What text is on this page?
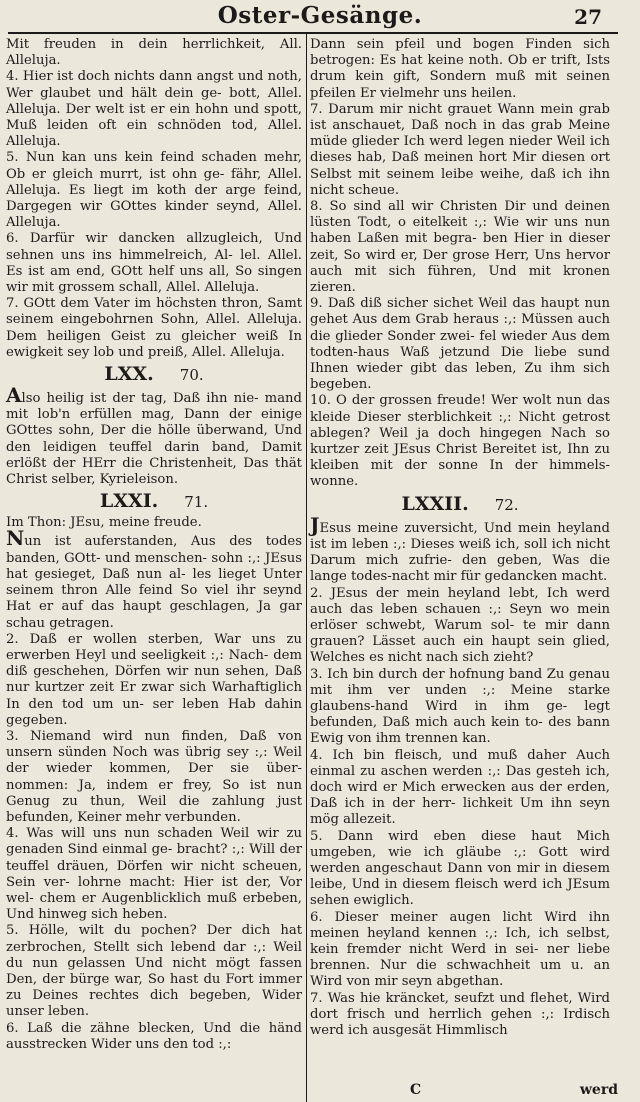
Oster-Gesänge.	27

Mit freuden in dein herrlichkeit, All. Alleluja.

4. Hier ist doch nichts dann angst und noth, Wer glaubet und hält dein ge- bott, Allel. Alleluja. Der welt ist er ein hohn und spott, Muß leiden oft ein schnöden tod, Allel. Alleluja.

5. Nun kan uns kein feind schaden mehr, Ob er gleich murrt, ist ohn ge- fähr, Allel. Alleluja. Es liegt im koth der arge feind, Dargegen wir GOttes kinder seynd, Allel. Alleluja.

6. Darfür wir dancken allzugleich, Und sehnen uns ins himmelreich, Al- lel. Allel. Es ist am end, GOtt helf uns all, So singen wir mit grossem schall, Allel. Alleluja.

7. GOtt dem Vater im höchsten thron, Samt seinem eingebohrnen Sohn, Allel. Alleluja. Dem heiligen Geist zu gleicher weiß In ewigkeit sey lob und preiß, Allel. Alleluja.

LXX. 70.

Also heilig ist der tag, Daß ihn nie- mand mit lob'n erfüllen mag, Dann der einige GOttes sohn, Der die hölle überwand, Und den leidigen teuffel darin band, Damit erlößt der HErr die Christenheit, Das thät Christ selber, Kyrieleison.

LXXI. 71.

Im Thon: JEsu, meine freude.

Nun ist auferstanden, Aus des todes banden, GOtt- und menschen- sohn :,: JEsus hat gesieget, Daß nun al- les lieget Unter seinem thron Alle feind So viel ihr seynd Hat er auf das haupt geschlagen, Ja gar schau getragen.

2. Daß er wollen sterben, War uns zu erwerben Heyl und seeligkeit :,: Nach- dem diß geschehen, Dörfen wir nun sehen, Daß nur kurtzer zeit Er zwar sich Warhaftiglich In den tod um un- ser leben Hab dahin gegeben.

3. Niemand wird nun finden, Daß von unsern sünden Noch was übrig sey :,: Weil der wieder kommen, Der sie über- nommen: Ja, indem er frey, So ist nun Genug zu thun, Weil die zahlung just befunden, Keiner mehr verbunden.

4. Was will uns nun schaden Weil wir zu genaden Sind einmal ge- bracht? :,: Will der teuffel dräuen, Dörfen wir nicht scheuen, Sein ver- lohrne macht: Hier ist der, Vor wel- chem er Augenblicklich muß erbeben, Und hinweg sich heben.

5. Hölle, wilt du pochen? Der dich hat zerbrochen, Stellt sich lebend dar :,: Weil du nun gelassen Und nicht mögt fassen Den, der bürge war, So hast du Fort immer zu Deines rechtes dich begeben, Wider unser leben.

6. Laß die zähne blecken, Und die händ ausstrecken Wider uns den tod :,:

Dann sein pfeil und bogen Finden sich betrogen: Es hat keine noth. Ob er trift, Ists drum kein gift, Sondern muß mit seinen pfeilen Er vielmehr uns heilen.

7. Darum mir nicht grauet Wann mein grab ist anschauet, Daß noch in das grab Meine müde glieder Ich werd legen nieder Weil ich dieses hab, Daß meinen hort Mir diesen ort Selbst mit seinem leibe weihe, daß ich ihn nicht scheue.

8. So sind all wir Christen Dir und deinen lüsten Todt, o eitelkeit :,: Wie wir uns nun haben Laßen mit begra- ben Hier in dieser zeit, So wird er, Der grose Herr, Uns hervor auch mit sich führen, Und mit kronen zieren.

9. Daß diß sicher sichet Weil das haupt nun gehet Aus dem Grab heraus :,: Müssen auch die glieder Sonder zwei- fel wieder Aus dem todten-haus Waß jetzund Die liebe sund Ihnen wieder gibt das leben, Zu ihm sich begeben.

10. O der grossen freude! Wer wolt nun das kleide Dieser sterblichkeit :,: Nicht getrost ablegen? Weil ja doch hingegen Nach so kurtzer zeit JEsus Christ Bereitet ist, Ihn zu kleiben mit der sonne In der himmels-wonne.

LXXII. 72.

JEsus meine zuversicht, Und mein heyland ist im leben :,: Dieses weiß ich, soll ich nicht Darum mich zufrie- den geben, Was die lange todes-nacht mir für gedancken macht.

2. JEsus der mein heyland lebt, Ich werd auch das leben schauen :,: Seyn wo mein erlöser schwebt, Warum sol- te mir dann grauen? Lässet auch ein haupt sein glied, Welches es nicht nach sich zieht?

3. Ich bin durch der hofnung band Zu genau mit ihm ver unden :,: Meine starke glaubens-hand Wird in ihm ge- legt befunden, Daß mich auch kein to- des bann Ewig von ihm trennen kan.

4. Ich bin fleisch, und muß daher Auch einmal zu aschen werden :,: Das gesteh ich, doch wird er Mich erwecken aus der erden, Daß ich in der herr- lichkeit Um ihn seyn mög allezeit.

5. Dann wird eben diese haut Mich umgeben, wie ich gläube :,: Gott wird werden angeschaut Dann von mir in diesem leibe, Und in diesem fleisch werd ich JEsum sehen ewiglich.

6. Dieser meiner augen licht Wird ihn meinen heyland kennen :,: Ich, ich selbst, kein fremder nicht Werd in sei- ner liebe brennen. Nur die schwachheit um u. an Wird von mir seyn abgethan.

7. Was hie kräncket, seufzt und flehet, Wird dort frisch und herrlich gehen :,: Irdisch werd ich ausgesät Himmlisch

C	werd
